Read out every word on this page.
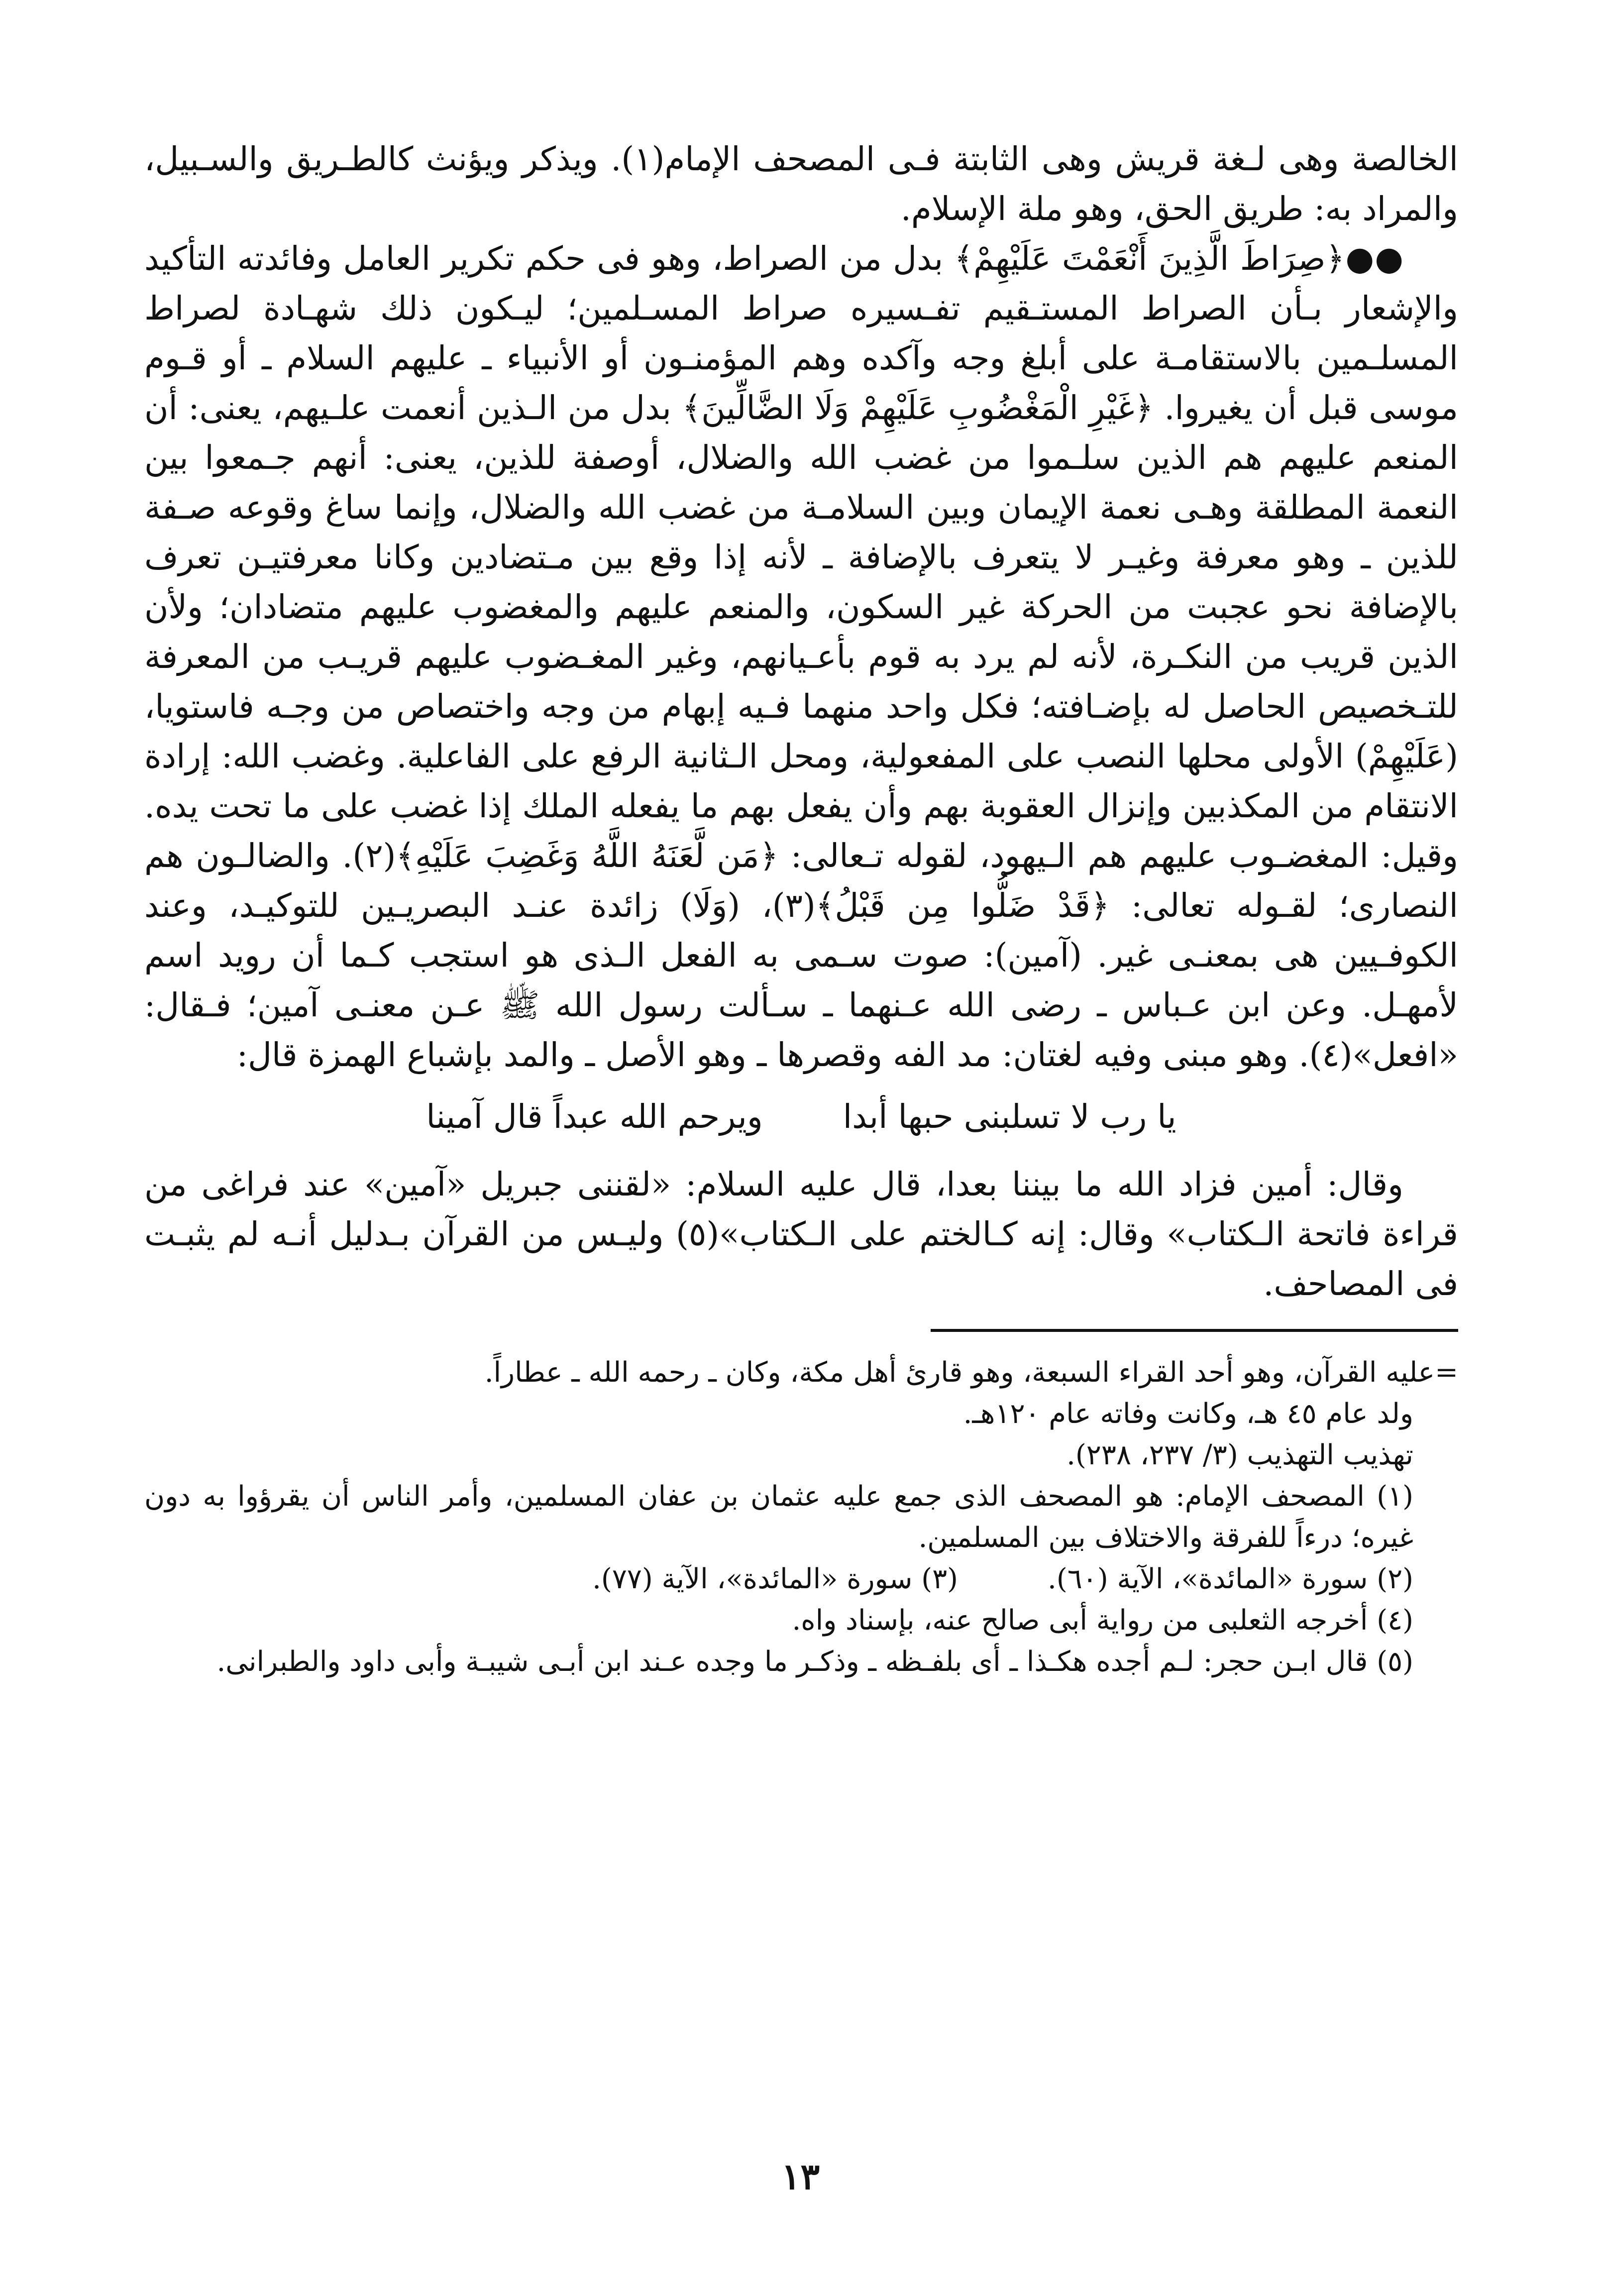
الخالصة وهى لـغة قريش وهى الثابتة فـى المصحف الإمام(١). ويذكر ويؤنث كالطـريق والسـبيل، والمراد به: طريق الحق، وهو ملة الإسلام.

●●﴿صِرَاطَ الَّذِينَ أَنْعَمْتَ عَلَيْهِمْ﴾ بدل من الصراط، وهو فى حكم تكرير العامل وفائدته التأكيد والإشعار بـأن الصراط المستـقيم تفـسيره صراط المسـلمين؛ ليـكون ذلك شهـادة لصراط المسلـمين بالاستقامـة على أبلغ وجه وآكده وهم المؤمنـون أو الأنبياء ـ عليهم السلام ـ أو قـوم موسى قبل أن يغيروا. ﴿غَيْرِ الْمَغْضُوبِ عَلَيْهِمْ وَلَا الضَّالِّينَ﴾ بدل من الـذين أنعمت علـيهم، يعنى: أن المنعم عليهم هم الذين سلـموا من غضب الله والضلال، أوصفة للذين، يعنى: أنهم جـمعوا بين النعمة المطلقة وهـى نعمة الإيمان وبين السلامـة من غضب الله والضلال، وإنما ساغ وقوعه صـفة للذين ـ وهو معرفة وغيـر لا يتعرف بالإضافة ـ لأنه إذا وقع بين مـتضادين وكانا معرفتيـن تعرف بالإضافة نحو عجبت من الحركة غير السكون، والمنعم عليهم والمغضوب عليهم متضادان؛ ولأن الذين قريب من النكـرة، لأنه لم يرد به قوم بأعـيانهم، وغير المغـضوب عليهم قريـب من المعرفة للتـخصيص الحاصل له بإضـافته؛ فكل واحد منهما فـيه إبهام من وجه واختصاص من وجـه فاستويا، (عَلَيْهِمْ) الأولى محلها النصب على المفعولية، ومحل الـثانية الرفع على الفاعلية. وغضب الله: إرادة الانتقام من المكذبين وإنزال العقوبة بهم وأن يفعل بهم ما يفعله الملك إذا غضب على ما تحت يده. وقيل: المغضـوب عليهم هم الـيهود، لقوله تـعالى: ﴿مَن لَّعَنَهُ اللَّهُ وَغَضِبَ عَلَيْهِ﴾(٢). والضالـون هم النصارى؛ لقـوله تعالى: ﴿قَدْ ضَلُّوا مِن قَبْلُ﴾(٣)، (وَلَا) زائدة عنـد البصريـين للتوكيـد، وعند الكوفـيين هى بمعنـى غير. (آمين): صوت سـمى به الفعل الـذى هو استجب كـما أن رويد اسم لأمهـل. وعن ابن عـباس ـ رضى الله عـنهما ـ سـألت رسول الله ﷺ عـن معنـى آمين؛ فـقال: «افعل»(٤). وهو مبنى وفيه لغتان: مد الفه وقصرها ـ وهو الأصل ـ والمد بإشباع الهمزة قال:

يا رب لا تسلبنى حبها أبدا ويرحم الله عبداً قال آمينا

وقال: أمين فزاد الله ما بيننا بعدا، قال عليه السلام: «لقننى جبريل «آمين» عند فراغى من قراءة فاتحة الـكتاب» وقال: إنه كـالختم على الـكتاب»(٥) وليـس من القرآن بـدليل أنـه لم يثبـت فى المصاحف.

=عليه القرآن، وهو أحد القراء السبعة، وهو قارئ أهل مكة، وكان ـ رحمه الله ـ عطاراً.

ولد عام ٤٥ هـ، وكانت وفاته عام ١٢٠هـ.

تهذيب التهذيب (٣/ ٢٣٧، ٢٣٨).

(١) المصحف الإمام: هو المصحف الذى جمع عليه عثمان بن عفان المسلمين، وأمر الناس أن يقرؤوا به دون غيره؛ درءاً للفرقة والاختلاف بين المسلمين.

(٢) سورة «المائدة»، الآية (٦٠).
(٣) سورة «المائدة»، الآية (٧٧).

(٤) أخرجه الثعلبى من رواية أبى صالح عنه، بإسناد واه.

(٥) قال ابـن حجر: لـم أجده هكـذا ـ أى بلفـظه ـ وذكـر ما وجده عـند ابن أبـى شيبـة وأبى داود والطبرانى.

١٣
